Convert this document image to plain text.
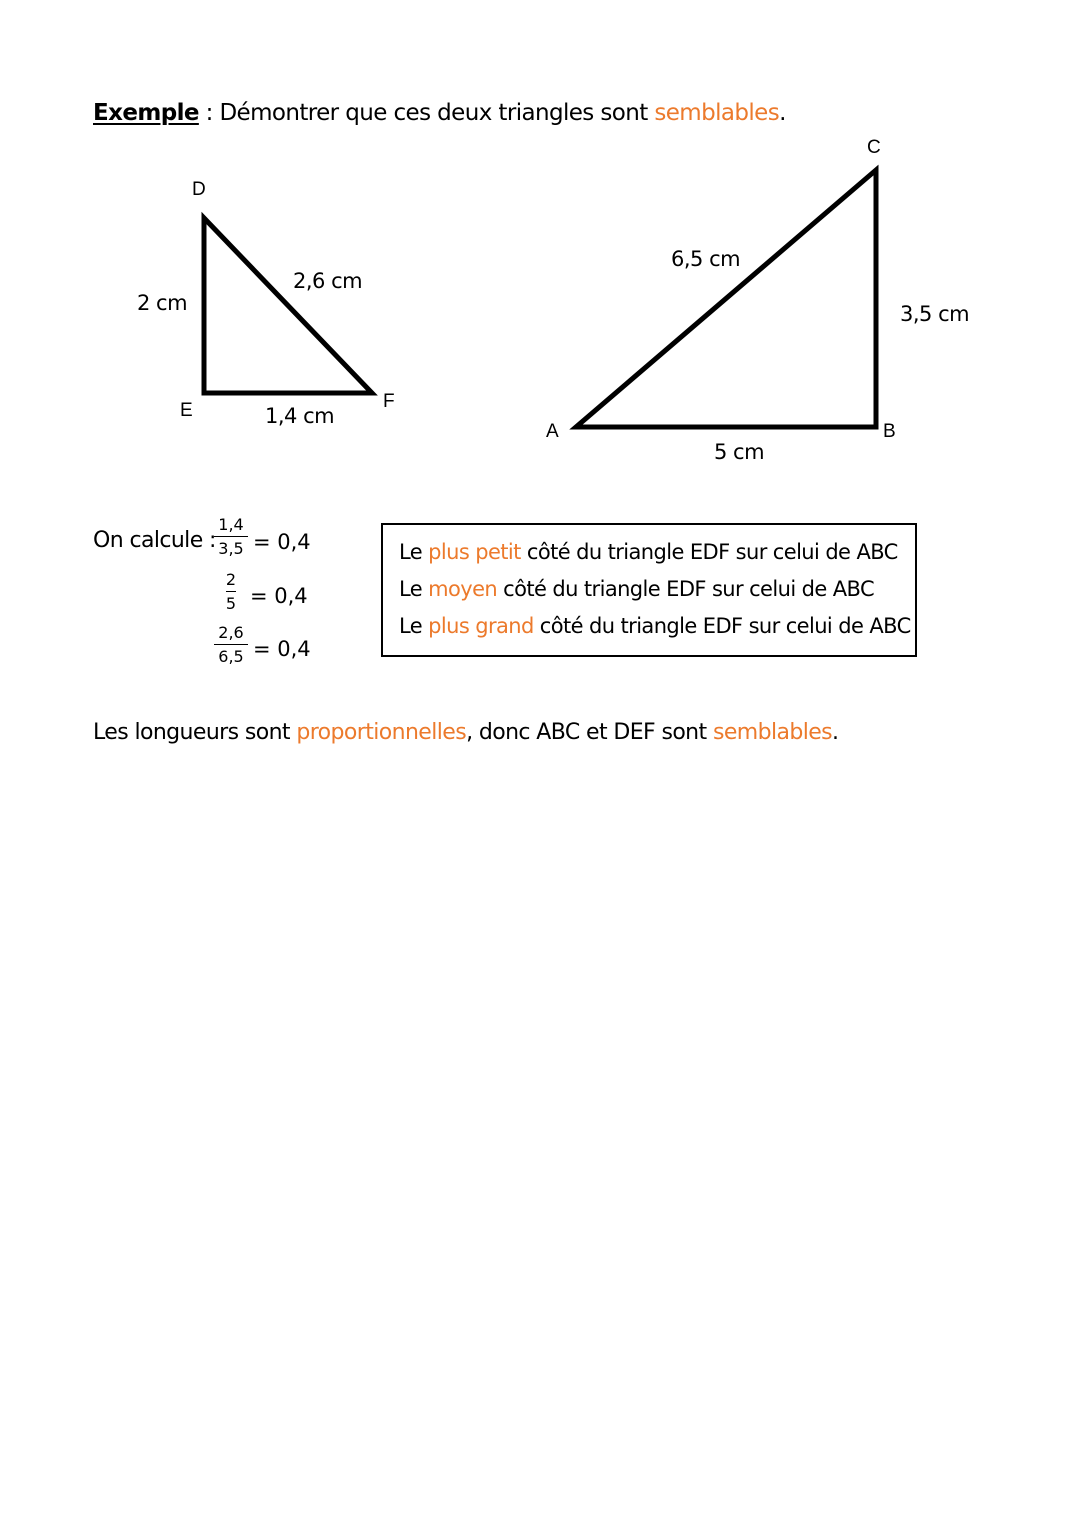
Exemple : Démontrer que ces deux triangles sont semblables.
D
E	F
2 cm
2,6 cm
1,4 cm
C
A	B
6,5 cm
3,5 cm
5 cm
On calcule :
1,4
3,5 = 0,4
2
5 = 0,4
2,6
6,5 = 0,4
Le plus petit côté du triangle EDF sur celui de ABC
Le moyen côté du triangle EDF sur celui de ABC
Le plus grand côté du triangle EDF sur celui de ABC
Les longueurs sont proportionnelles, donc ABC et DEF sont semblables.
